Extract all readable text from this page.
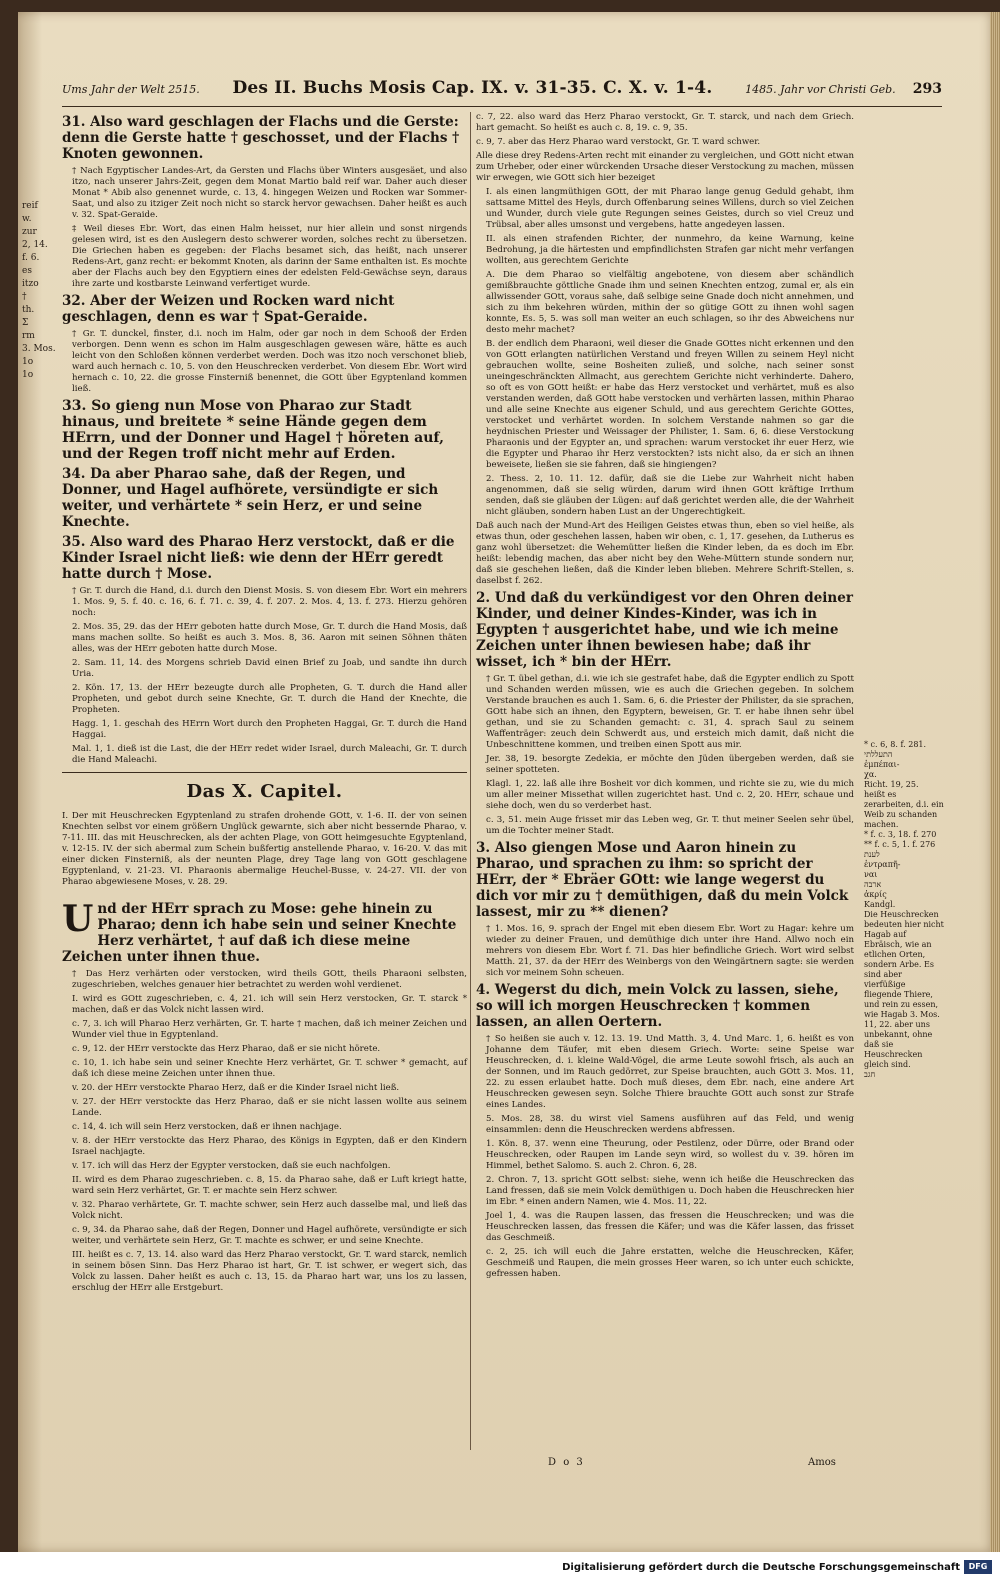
Ums Jahr der Welt 2515. Des II. Buchs Mosis Cap. IX. v. 31-35. C. X. v. 1-4.	1485. Jahr vor Christi Geb. 293
reif
w.
zur
2, 14.
f. 6.
es
itzo
†
th.
Σ
rm
3. Mos.
1ο
1ο

31. Also ward geschlagen der Flachs und die Gerste: denn die Gerste hatte † geschosset, und der Flachs † Knoten gewonnen.

† Nach Egyptischer Landes-Art, da Gersten und Flachs über Winters ausgesäet, und also itzo, nach unserer Jahrs-Zeit, gegen dem Monat Martio bald reif war. Daher auch dieser Monat * Abib also genennet wurde, c. 13, 4. hingegen Weizen und Rocken war Sommer-Saat, und also zu itziger Zeit noch nicht so starck hervor gewachsen. Daher heißt es auch v. 32. Spat-Geraide.

‡ Weil dieses Ebr. Wort, das einen Halm heisset, nur hier allein und sonst nirgends gelesen wird, ist es den Auslegern desto schwerer worden, solches recht zu übersetzen. Die Griechen haben es gegeben: der Flachs besamet sich, das heißt, nach unserer Redens-Art, ganz recht: er bekommt Knoten, als darinn der Same enthalten ist. Es mochte aber der Flachs auch bey den Egyptiern eines der edelsten Feld-Gewächse seyn, daraus ihre zarte und kostbarste Leinwand verfertiget wurde.

32. Aber der Weizen und Rocken ward nicht geschlagen, denn es war † Spat-Geraide.

† Gr. T. dunckel, finster, d.i. noch im Halm, oder gar noch in dem Schooß der Erden verborgen. Denn wenn es schon im Halm ausgeschlagen gewesen wäre, hätte es auch leicht von den Schloßen können verderbet werden. Doch was itzo noch verschonet blieb, ward auch hernach c. 10, 5. von den Heuschrecken verderbet. Von diesem Ebr. Wort wird hernach c. 10, 22. die grosse Finsterniß benennet, die GOtt über Egyptenland kommen ließ.

33. So gieng nun Mose von Pharao zur Stadt hinaus, und breitete * seine Hände gegen dem HErrn, und der Donner und Hagel † höreten auf, und der Regen troff nicht mehr auf Erden.

34. Da aber Pharao sahe, daß der Regen, und Donner, und Hagel aufhörete, versündigte er sich weiter, und verhärtete * sein Herz, er und seine Knechte.

35. Also ward des Pharao Herz verstockt, daß er die Kinder Israel nicht ließ: wie denn der HErr geredt hatte durch † Mose.

† Gr. T. durch die Hand, d.i. durch den Dienst Mosis. S. von diesem Ebr. Wort ein mehrers 1. Mos. 9, 5. f. 40. c. 16, 6. f. 71. c. 39, 4. f. 207. 2. Mos. 4, 13. f. 273. Hierzu gehören noch:

2. Mos. 35, 29. das der HErr geboten hatte durch Mose, Gr. T. durch die Hand Mosis, daß mans machen sollte. So heißt es auch 3. Mos. 8, 36. Aaron mit seinen Söhnen thäten alles, was der HErr geboten hatte durch Mose.

2. Sam. 11, 14. des Morgens schrieb David einen Brief zu Joab, und sandte ihn durch Uria.

2. Kön. 17, 13. der HErr bezeugte durch alle Propheten, G. T. durch die Hand aller Propheten, und gebot durch seine Knechte, Gr. T. durch die Hand der Knechte, die Propheten.

Hagg. 1, 1. geschah des HErrn Wort durch den Propheten Haggai, Gr. T. durch die Hand Haggai.

Mal. 1, 1. dieß ist die Last, die der HErr redet wider Israel, durch Maleachi, Gr. T. durch die Hand Maleachi.

Das X. Capitel.

I. Der mit Heuschrecken Egyptenland zu strafen drohende GOtt, v. 1-6. II. der von seinen Knechten selbst vor einem größern Unglück gewarnte, sich aber nicht bessernde Pharao, v. 7-11. III. das mit Heuschrecken, als der achten Plage, von GOtt heimgesuchte Egyptenland, v. 12-15. IV. der sich abermal zum Schein bußfertig anstellende Pharao, v. 16-20. V. das mit einer dicken Finsterniß, als der neunten Plage, drey Tage lang von GOtt geschlagene Egyptenland, v. 21-23. VI. Pharaonis abermalige Heuchel-Busse, v. 24-27. VII. der von Pharao abgewiesene Moses, v. 28. 29.

U nd der HErr sprach zu Mose: gehe hinein zu Pharao; denn ich habe sein und seiner Knechte Herz verhärtet, † auf daß ich diese meine Zeichen unter ihnen thue.

† Das Herz verhärten oder verstocken, wird theils GOtt, theils Pharaoni selbsten, zugeschrieben, welches genauer hier betrachtet zu werden wohl verdienet.

I. wird es GOtt zugeschrieben, c. 4, 21. ich will sein Herz verstocken, Gr. T. starck * machen, daß er das Volck nicht lassen wird.

c. 7, 3. ich will Pharao Herz verhärten, Gr. T. harte † machen, daß ich meiner Zeichen und Wunder viel thue in Egyptenland.

c. 9, 12. der HErr verstockte das Herz Pharao, daß er sie nicht hörete.

c. 10, 1. ich habe sein und seiner Knechte Herz verhärtet, Gr. T. schwer * gemacht, auf daß ich diese meine Zeichen unter ihnen thue.

v. 20. der HErr verstockte Pharao Herz, daß er die Kinder Israel nicht ließ.

v. 27. der HErr verstockte das Herz Pharao, daß er sie nicht lassen wollte aus seinem Lande.

c. 14, 4. ich will sein Herz verstocken, daß er ihnen nachjage.

v. 8. der HErr verstockte das Herz Pharao, des Königs in Egypten, daß er den Kindern Israel nachjagte.

v. 17. ich will das Herz der Egypter verstocken, daß sie euch nachfolgen.

II. wird es dem Pharao zugeschrieben. c. 8, 15. da Pharao sahe, daß er Luft kriegt hatte, ward sein Herz verhärtet, Gr. T. er machte sein Herz schwer.

v. 32. Pharao verhärtete, Gr. T. machte schwer, sein Herz auch dasselbe mal, und ließ das Volck nicht.

c. 9, 34. da Pharao sahe, daß der Regen, Donner und Hagel aufhörete, versündigte er sich weiter, und verhärtete sein Herz, Gr. T. machte es schwer, er und seine Knechte.

III. heißt es c. 7, 13. 14. also ward das Herz Pharao verstockt, Gr. T. ward starck, nemlich in seinem bösen Sinn. Das Herz Pharao ist hart, Gr. T. ist schwer, er wegert sich, das Volck zu lassen. Daher heißt es auch c. 13, 15. da Pharao hart war, uns los zu lassen, erschlug der HErr alle Erstgeburt.

c. 7, 22. also ward das Herz Pharao verstockt, Gr. T. starck, und nach dem Griech. hart gemacht. So heißt es auch c. 8, 19. c. 9, 35.

c. 9, 7. aber das Herz Pharao ward verstockt, Gr. T. ward schwer.

Alle diese drey Redens-Arten recht mit einander zu vergleichen, und GOtt nicht etwan zum Urheber, oder einer würckenden Ursache dieser Verstockung zu machen, müssen wir erwegen, wie GOtt sich hier bezeiget

I. als einen langmüthigen GOtt, der mit Pharao lange genug Geduld gehabt, ihm sattsame Mittel des Heyls, durch Offenbarung seines Willens, durch so viel Zeichen und Wunder, durch viele gute Regungen seines Geistes, durch so viel Creuz und Trübsal, aber alles umsonst und vergebens, hatte angedeyen lassen.

II. als einen strafenden Richter, der nunmehro, da keine Warnung, keine Bedrohung, ja die härtesten und empfindlichsten Strafen gar nicht mehr verfangen wollten, aus gerechtem Gerichte

A. Die dem Pharao so vielfältig angebotene, von diesem aber schändlich gemißbrauchte göttliche Gnade ihm und seinen Knechten entzog, zumal er, als ein allwissender GOtt, voraus sahe, daß selbige seine Gnade doch nicht annehmen, und sich zu ihm bekehren würden, mithin der so gütige GOtt zu ihnen wohl sagen konnte, Es. 5, 5. was soll man weiter an euch schlagen, so ihr des Abweichens nur desto mehr machet?

B. der endlich dem Pharaoni, weil dieser die Gnade GOttes nicht erkennen und den von GOtt erlangten natürlichen Verstand und freyen Willen zu seinem Heyl nicht gebrauchen wollte, seine Bosheiten zuließ, und solche, nach seiner sonst uneingeschränckten Allmacht, aus gerechtem Gerichte nicht verhinderte. Dahero, so oft es von GOtt heißt: er habe das Herz verstocket und verhärtet, muß es also verstanden werden, daß GOtt habe verstocken und verhärten lassen, mithin Pharao und alle seine Knechte aus eigener Schuld, und aus gerechtem Gerichte GOttes, verstocket und verhärtet worden. In solchem Verstande nahmen so gar die heydnischen Priester und Weissager der Philister, 1. Sam. 6, 6. diese Verstockung Pharaonis und der Egypter an, und sprachen: warum verstocket ihr euer Herz, wie die Egypter und Pharao ihr Herz verstockten? ists nicht also, da er sich an ihnen beweisete, ließen sie sie fahren, daß sie hingiengen?

2. Thess. 2, 10. 11. 12. dafür, daß sie die Liebe zur Wahrheit nicht haben angenommen, daß sie selig würden, darum wird ihnen GOtt kräftige Irrthum senden, daß sie gläuben der Lügen: auf daß gerichtet werden alle, die der Wahrheit nicht gläuben, sondern haben Lust an der Ungerechtigkeit.

Daß auch nach der Mund-Art des Heiligen Geistes etwas thun, eben so viel heiße, als etwas thun, oder geschehen lassen, haben wir oben, c. 1, 17. gesehen, da Lutherus es ganz wohl übersetzet: die Wehemütter ließen die Kinder leben, da es doch im Ebr. heißt: lebendig machen, das aber nicht bey den Wehe-Müttern stunde sondern nur, daß sie geschehen ließen, daß die Kinder leben blieben. Mehrere Schrift-Stellen, s. daselbst f. 262.

2. Und daß du verkündigest vor den Ohren deiner Kinder, und deiner Kindes-Kinder, was ich in Egypten † ausgerichtet habe, und wie ich meine Zeichen unter ihnen bewiesen habe; daß ihr wisset, ich * bin der HErr.

† Gr. T. übel gethan, d.i. wie ich sie gestrafet habe, daß die Egypter endlich zu Spott und Schanden werden müssen, wie es auch die Griechen gegeben. In solchem Verstande brauchen es auch 1. Sam. 6, 6. die Priester der Philister, da sie sprachen, GOtt habe sich an ihnen, den Egyptern, beweisen, Gr. T. er habe ihnen sehr übel gethan, und sie zu Schanden gemacht: c. 31, 4. sprach Saul zu seinem Waffenträger: zeuch dein Schwerdt aus, und ersteich mich damit, daß nicht die Unbeschnittene kommen, und treiben einen Spott aus mir.

Jer. 38, 19. besorgte Zedekia, er möchte den Jüden übergeben werden, daß sie seiner spotteten.

Klagl. 1, 22. laß alle ihre Bosheit vor dich kommen, und richte sie zu, wie du mich um aller meiner Missethat willen zugerichtet hast. Und c. 2, 20. HErr, schaue und siehe doch, wen du so verderbet hast.

c. 3, 51. mein Auge frisset mir das Leben weg, Gr. T. thut meiner Seelen sehr übel, um die Tochter meiner Stadt.

3. Also giengen Mose und Aaron hinein zu Pharao, und sprachen zu ihm: so spricht der HErr, der * Ebräer GOtt: wie lange wegerst du dich vor mir zu † demüthigen, daß du mein Volck lassest, mir zu ** dienen?

† 1. Mos. 16, 9. sprach der Engel mit eben diesem Ebr. Wort zu Hagar: kehre um wieder zu deiner Frauen, und demüthige dich unter ihre Hand. Allwo noch ein mehrers von diesem Ebr. Wort f. 71. Das hier befindliche Griech. Wort wird selbst Matth. 21, 37. da der HErr des Weinbergs von den Weingärtnern sagte: sie werden sich vor meinem Sohn scheuen.

4. Wegerst du dich, mein Volck zu lassen, siehe, so will ich morgen Heuschrecken † kommen lassen, an allen Oertern.

† So heißen sie auch v. 12. 13. 19. Und Matth. 3, 4. Und Marc. 1, 6. heißt es von Johanne dem Täufer, mit eben diesem Griech. Worte: seine Speise war Heuschrecken, d. i. kleine Wald-Vögel, die arme Leute sowohl frisch, als auch an der Sonnen, und im Rauch gedörret, zur Speise brauchten, auch GOtt 3. Mos. 11, 22. zu essen erlaubet hatte. Doch muß dieses, dem Ebr. nach, eine andere Art Heuschrecken gewesen seyn. Solche Thiere brauchte GOtt auch sonst zur Strafe eines Landes.

5. Mos. 28, 38. du wirst viel Samens ausführen auf das Feld, und wenig einsammlen: denn die Heuschrecken werdens abfressen.

1. Kön. 8, 37. wenn eine Theurung, oder Pestilenz, oder Dürre, oder Brand oder Heuschrecken, oder Raupen im Lande seyn wird, so wollest du v. 39. hören im Himmel, bethet Salomo. S. auch 2. Chron. 6, 28.

2. Chron. 7, 13. spricht GOtt selbst: siehe, wenn ich heiße die Heuschrecken das Land fressen, daß sie mein Volck demüthigen u. Doch haben die Heuschrecken hier im Ebr. * einen andern Namen, wie 4. Mos. 11, 22.

Joel 1, 4. was die Raupen lassen, das fressen die Heuschrecken; und was die Heuschrecken lassen, das fressen die Käfer; und was die Käfer lassen, das frisset das Geschmeiß.

c. 2, 25. ich will euch die Jahre erstatten, welche die Heuschrecken, Käfer, Geschmeiß und Raupen, die mein grosses Heer waren, so ich unter euch schickte, gefressen haben.

* c. 6, 8. f. 281.
התעללתי
ἐμπέπαι-
χα.
Richt. 19, 25.
heißt es zerarbeiten, d.i. ein Weib zu schanden machen.
* f. c. 3, 18. f. 270
** f. c. 5, 1. f. 276
לענת
ἐντραπῆ-
ναι
ארבה
ἀκρίς
Kandgl.
Die Heuschrecken bedeuten hier nicht Hagab auf Ebräisch, wie an etlichen Orten, sondern Arbe. Es sind aber vierfüßige fliegende Thiere, und rein zu essen, wie Hagab 3. Mos. 11, 22. aber uns unbekannt, ohne daß sie Heuschrecken gleich sind.
חגב
D o 3	Amos
Digitalisierung gefördert durch die Deutsche Forschungsgemeinschaft	DFG
